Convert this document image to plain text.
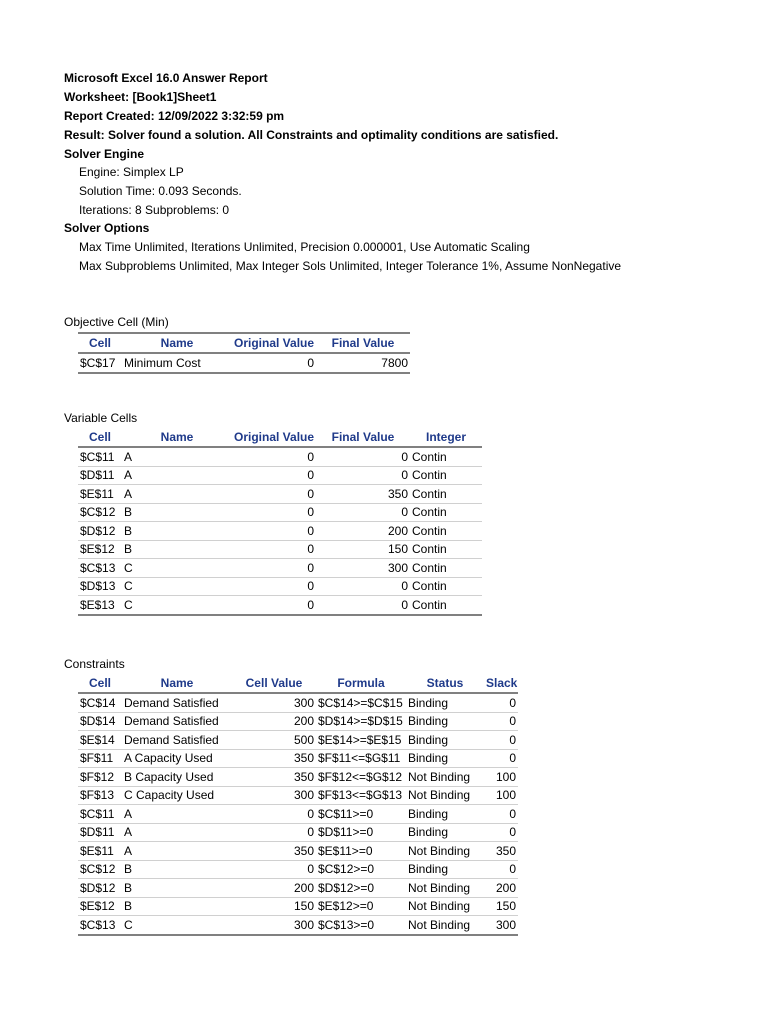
Microsoft Excel 16.0 Answer Report
Worksheet: [Book1]Sheet1
Report Created: 12/09/2022 3:32:59 pm
Result: Solver found a solution. All Constraints and optimality conditions are satisfied.
Solver Engine
Engine: Simplex LP
Solution Time: 0.093 Seconds.
Iterations: 8 Subproblems: 0
Solver Options
Max Time Unlimited, Iterations Unlimited, Precision 0.000001, Use Automatic Scaling
Max Subproblems Unlimited, Max Integer Sols Unlimited, Integer Tolerance 1%, Assume NonNegative
Objective Cell (Min)
Cell	Name	Original Value	Final Value
$C$17	Minimum Cost	0	7800
Variable Cells
Cell	Name	Original Value	Final Value	Integer
$C$11	A	0	0	Contin
$D$11	A	0	0	Contin
$E$11	A	0	350	Contin
$C$12	B	0	0	Contin
$D$12	B	0	200	Contin
$E$12	B	0	150	Contin
$C$13	C	0	300	Contin
$D$13	C	0	0	Contin
$E$13	C	0	0	Contin
Constraints
Cell	Name	Cell Value	Formula	Status	Slack
$C$14	Demand Satisfied	300	$C$14>=$C$15	Binding	0
$D$14	Demand Satisfied	200	$D$14>=$D$15	Binding	0
$E$14	Demand Satisfied	500	$E$14>=$E$15	Binding	0
$F$11	A Capacity Used	350	$F$11<=$G$11	Binding	0
$F$12	B Capacity Used	350	$F$12<=$G$12	Not Binding	100
$F$13	C Capacity Used	300	$F$13<=$G$13	Not Binding	100
$C$11	A	0	$C$11>=0	Binding	0
$D$11	A	0	$D$11>=0	Binding	0
$E$11	A	350	$E$11>=0	Not Binding	350
$C$12	B	0	$C$12>=0	Binding	0
$D$12	B	200	$D$12>=0	Not Binding	200
$E$12	B	150	$E$12>=0	Not Binding	150
$C$13	C	300	$C$13>=0	Not Binding	300
